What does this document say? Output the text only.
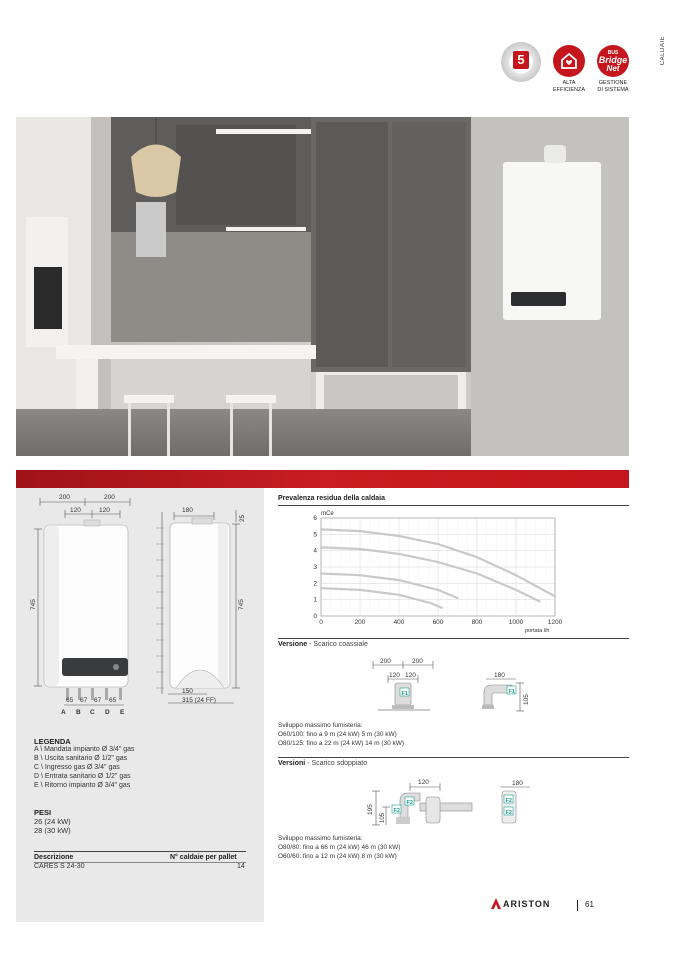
CALDAIE
5
ALTA
EFFICIENZA
BUS
Bridge
Net
GESTIONE
DI SISTEMA
200	200
120	120
745
65 67 67 65
A B C D E
180
25
745
150
315 (24 FF)
LEGENDA
A \ Mandata impianto Ø 3/4" gas
B \ Uscita sanitario Ø 1/2" gas
C \ Ingresso gas Ø 3/4" gas
D \ Entrata sanitario Ø 1/2" gas
E \ Ritorno impianto Ø 3/4" gas
PESI
26 (24 kW)
28 (30 kW)
Descrizione	N° caldaie per pallet
CARES S 24-30	14
Prevalenza residua della caldaia
0	200	400	600	800	1000	1200
0
1
2
3
4
5
6
mCe
portata l/h
Versione - Scarico coassiale
F1	F1
200	200
120 120	180
105
Sviluppo massimo fumisteria:
O60/100: fino a 9 m (24 kW) 5 m (30 kW)
O80/125: fino a 22 m (24 kW) 14 m (30 kW)
Versioni - Scarico sdoppiato
F2
F2
F2
F2
120
195
105
180
Sviluppo massimo fumisteria:
O80/80: fino a 66 m (24 kW) 46 m (30 kW)
O60/60: fino a 12 m (24 kW) 8 m (30 kW)
ARISTON	61
